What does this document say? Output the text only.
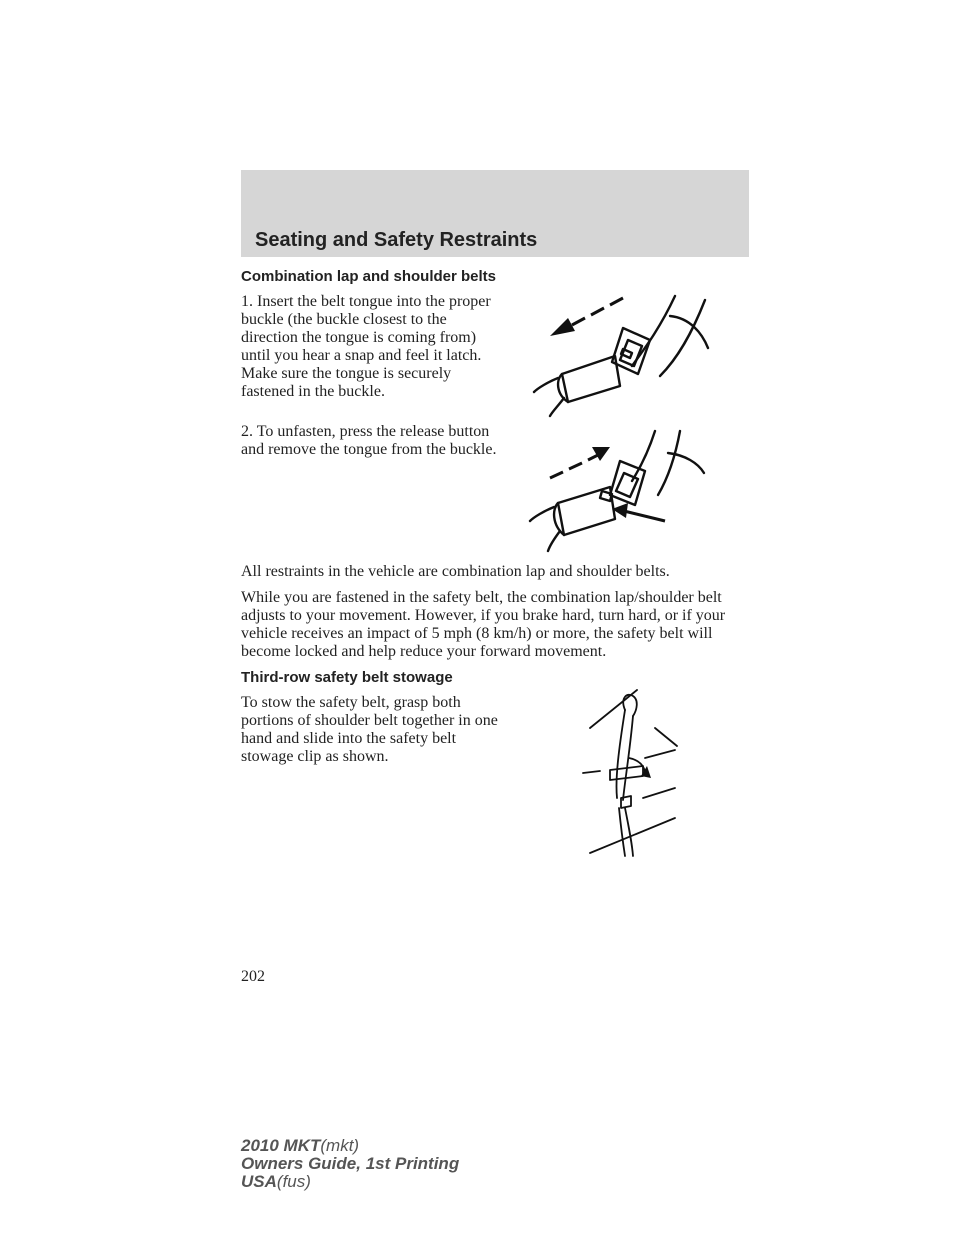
Seating and Safety Restraints
Combination lap and shoulder belts
1. Insert the belt tongue into the proper buckle (the buckle closest to the direction the tongue is coming from) until you hear a snap and feel it latch. Make sure the tongue is securely fastened in the buckle.
2. To unfasten, press the release button and remove the tongue from the buckle.
All restraints in the vehicle are combination lap and shoulder belts.
While you are fastened in the safety belt, the combination lap/shoulder belt adjusts to your movement. However, if you brake hard, turn hard, or if your vehicle receives an impact of 5 mph (8 km/h) or more, the safety belt will become locked and help reduce your forward movement.
Third-row safety belt stowage
To stow the safety belt, grasp both portions of shoulder belt together in one hand and slide into the safety belt stowage clip as shown.
202
2010 MKT(mkt)
Owners Guide, 1st Printing
USA(fus)
